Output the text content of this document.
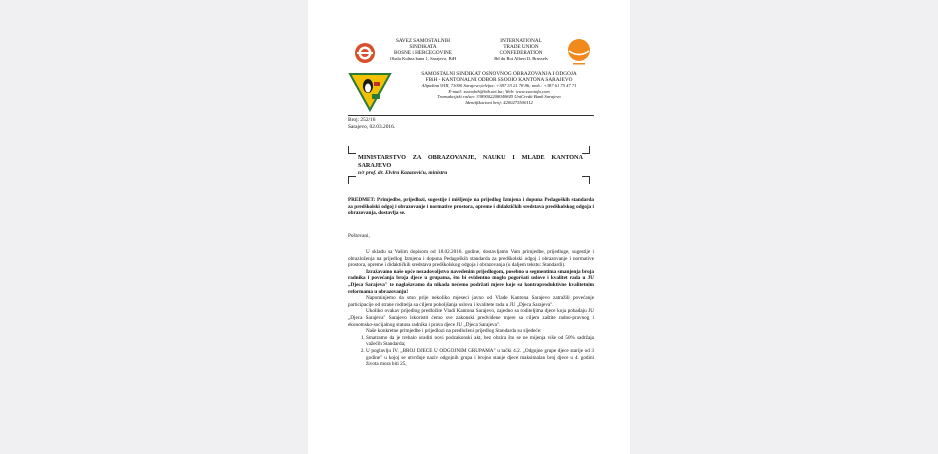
SAVEZ SAMOSTALNIH
SINDIKATA
BOSNE i HERCEGOVINE
Obala Kulina bana 1, Sarajevo, BiH
INTERNATIONAL
TRADE UNION
CONFEDERATION
Bd du Roi Albert II, Brussels
SAMOSTALNI SINDIKAT OSNOVNOG OBRAZOVANJA I ODGOJA
FBiH - KANTONALNI ODBOR SSOOIO KANTONA SARAJEVO
Alipašina 9/III, 71000 Sarajevo;telefax: +387 33 21 78 86; mob.: +387 61 75 47 71
E-mail: ssooobih@bih.net.ba; Web: www.ssooiofa.com
Transakcijski račun: 3389002208040845 UniCredit Bank Sarajevo
Identifikacioni broj: 4200275500112
Broj: 252/16
Sarajevo, 02.03.2016.
MINISTARSTVO ZA OBRAZOVANJE, NAUKU I MLADE KANTONA SARAJEVO
n/r prof. dr. Elviru Kazazoviću, ministru
PREDMET: Primjedbe, prijedlozi, sugestije i mišljenje na prijedlog Izmjena i dopuna Pedagoških standarda za predškolski odgoj i obrazovanje i normative prostora, opreme i didaktičkih sredstava predškolskog odgoja i obrazovanja, dostavlja se.
Poštovani,
U skladu sa Vašim dopisom od 18.02.2016. godine, dostavljamo Vam primjedbe, prijedloge, sugestije i obrazloženja na prijedlog Izmjena i dopuna Pedagoških standarda za predškolski odgoj i obrazovanje i normative prostora, opreme i didaktičkih sredstava predškolskog odgoja i obrazovanja (u daljem tekstu: Standardi).
Izražavamo naše opće nezadovoljstvo navedenim prijedlogom, posebno u segmentima smanjenja broja radnika i povećanja broja djece u grupama, što bi evidentno moglo pogoršati uslove i kvalitet rada u JU „Djeca Sarajeva" te naglašavamo da nikada nećemo podržati mjere koje su kontraproduktivne kvalitetnim reformama u obrazovanju!
Napominjemo da smo prije nekoliko mjeseci javno od Vlade Kantona Sarajevo zatražili povećanje participacije od strane roditelja sa ciljem poboljšanja uslova i kvalitete rada u JU „Djeca Sarajeva".
Ukoliko ovakav prijedlog predložite Vladi Kantona Sarajevo, zajedno sa roditeljima djece koja pohađaju JU „Djeca Sarajeva" Sarajevo iskoristit ćemo sve zakonski predviđene mjere sa ciljem zaštite radno-pravnog i ekonomsko-socijalnog statusa radnika i prava djece JU „Djeca Sarajeva".
Naše konkretne primjedbe i prijedlozi na predloženi prijedlog Standarda su sljedeće:
1. Smatramo da je trebalo uraditi novi podzakonski akt, bez obzira što se ne mijenja više od 50% sadržaja važećih Standarda;
2. U poglavlju IV. „BROJ DJECE U ODGOJNIM GRUPAMA" u tački 4.2. „Odgojne grupe djece starije od 3 godine" u kojoj se utvrđuje naziv odgojnih grupa i brojno stanje djece maksimalan broj djece u 4. godini života mora biti 25,
